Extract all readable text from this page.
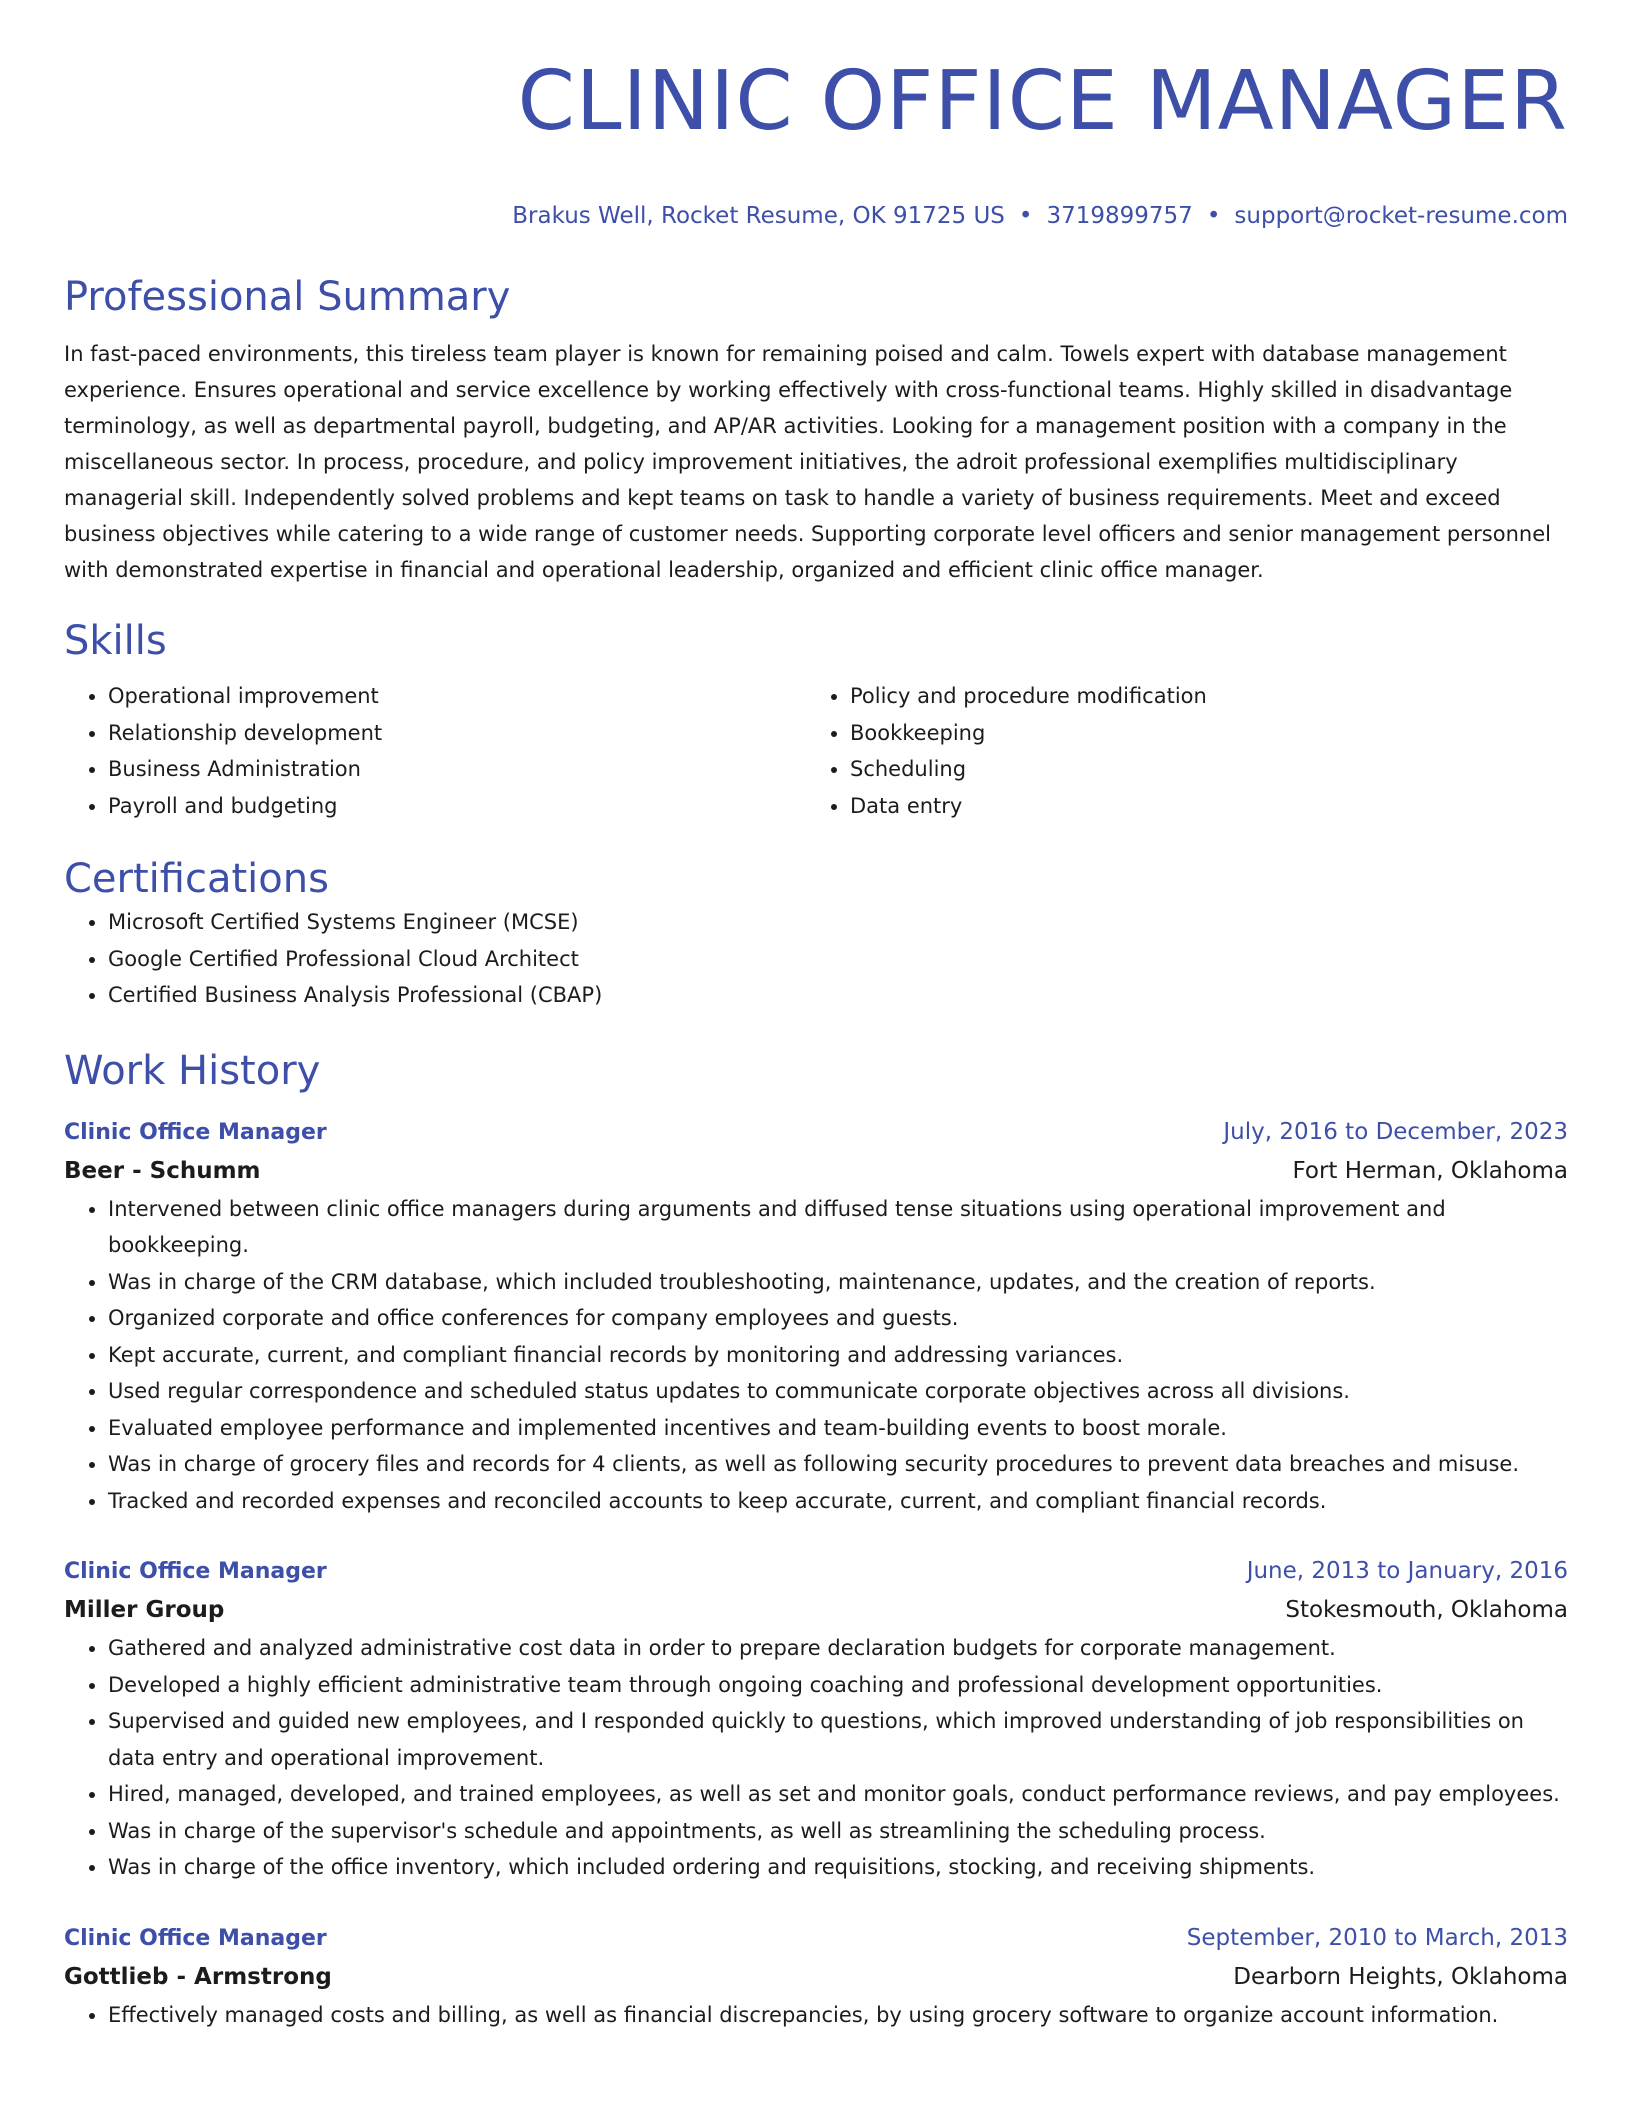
CLINIC OFFICE MANAGER
Brakus Well, Rocket Resume, OK 91725 US • 3719899757 • support@rocket-resume.com
Professional Summary
In fast-paced environments, this tireless team player is known for remaining poised and calm. Towels expert with database management experience. Ensures operational and service excellence by working effectively with cross-functional teams. Highly skilled in disadvantage terminology, as well as departmental payroll, budgeting, and AP/AR activities. Looking for a management position with a company in the miscellaneous sector. In process, procedure, and policy improvement initiatives, the adroit professional exemplifies multidisciplinary managerial skill. Independently solved problems and kept teams on task to handle a variety of business requirements. Meet and exceed business objectives while catering to a wide range of customer needs. Supporting corporate level officers and senior management personnel with demonstrated expertise in financial and operational leadership, organized and efficient clinic office manager.
Skills
• Operational improvement
• Relationship development
• Business Administration
• Payroll and budgeting
• Policy and procedure modification
• Bookkeeping
• Scheduling
• Data entry
Certifications
• Microsoft Certified Systems Engineer (MCSE)
• Google Certified Professional Cloud Architect
• Certified Business Analysis Professional (CBAP)
Work History
Clinic Office Manager	July, 2016 to December, 2023
Beer - Schumm	Fort Herman, Oklahoma
• Intervened between clinic office managers during arguments and diffused tense situations using operational improvement and bookkeeping.
• Was in charge of the CRM database, which included troubleshooting, maintenance, updates, and the creation of reports.
• Organized corporate and office conferences for company employees and guests.
• Kept accurate, current, and compliant financial records by monitoring and addressing variances.
• Used regular correspondence and scheduled status updates to communicate corporate objectives across all divisions.
• Evaluated employee performance and implemented incentives and team-building events to boost morale.
• Was in charge of grocery files and records for 4 clients, as well as following security procedures to prevent data breaches and misuse.
• Tracked and recorded expenses and reconciled accounts to keep accurate, current, and compliant financial records.
Clinic Office Manager	June, 2013 to January, 2016
Miller Group	Stokesmouth, Oklahoma
• Gathered and analyzed administrative cost data in order to prepare declaration budgets for corporate management.
• Developed a highly efficient administrative team through ongoing coaching and professional development opportunities.
• Supervised and guided new employees, and I responded quickly to questions, which improved understanding of job responsibilities on data entry and operational improvement.
• Hired, managed, developed, and trained employees, as well as set and monitor goals, conduct performance reviews, and pay employees.
• Was in charge of the supervisor's schedule and appointments, as well as streamlining the scheduling process.
• Was in charge of the office inventory, which included ordering and requisitions, stocking, and receiving shipments.
Clinic Office Manager	September, 2010 to March, 2013
Gottlieb - Armstrong	Dearborn Heights, Oklahoma
• Effectively managed costs and billing, as well as financial discrepancies, by using grocery software to organize account information.
